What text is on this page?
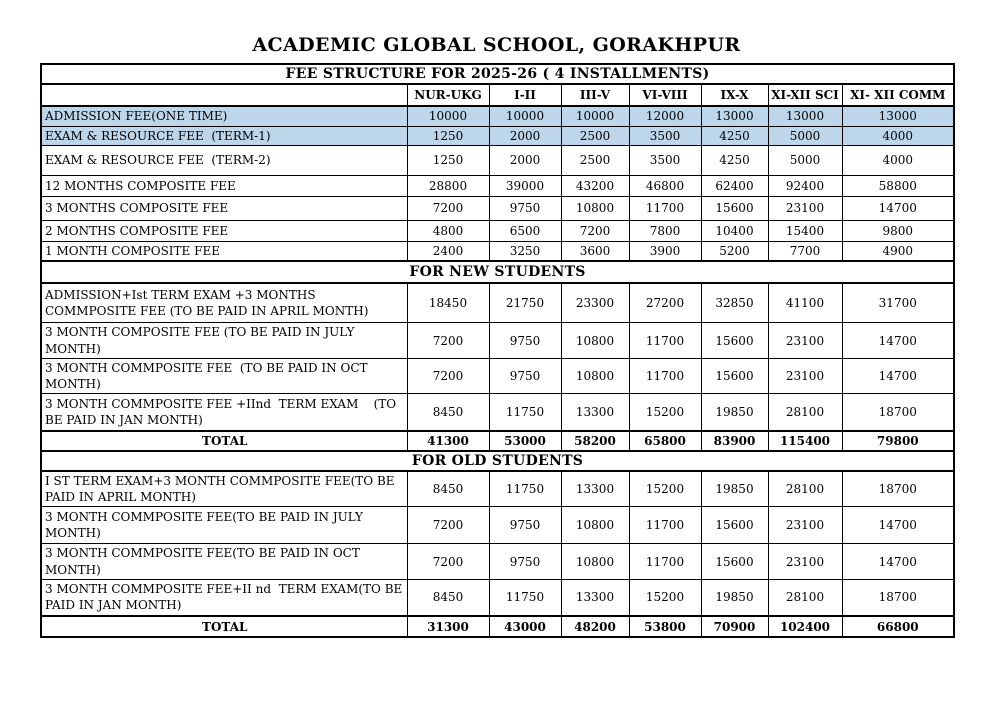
ACADEMIC GLOBAL SCHOOL, GORAKHPUR
FEE STRUCTURE FOR 2025-26 ( 4 INSTALLMENTS)							
	NUR-UKG	I-II	III-V	VI-VIII	IX-X	XI-XII SCI	XI- XII COMM
ADMISSION FEE(ONE TIME)	10000	10000	10000	12000	13000	13000	13000
EXAM & RESOURCE FEE  (TERM-1)	1250	2000	2500	3500	4250	5000	4000
EXAM & RESOURCE FEE  (TERM-2)	1250	2000	2500	3500	4250	5000	4000
12 MONTHS COMPOSITE FEE	28800	39000	43200	46800	62400	92400	58800
3 MONTHS COMPOSITE FEE	7200	9750	10800	11700	15600	23100	14700
2 MONTHS COMPOSITE FEE	4800	6500	7200	7800	10400	15400	9800
1 MONTH COMPOSITE FEE	2400	3250	3600	3900	5200	7700	4900
FOR NEW STUDENTS							
ADMISSION+Ist TERM EXAM +3 MONTHS COMMPOSITE FEE (TO BE PAID IN APRIL MONTH)	18450	21750	23300	27200	32850	41100	31700
3 MONTH COMPOSITE FEE (TO BE PAID IN JULY MONTH)	7200	9750	10800	11700	15600	23100	14700
3 MONTH COMMPOSITE FEE  (TO BE PAID IN OCT MONTH)	7200	9750	10800	11700	15600	23100	14700
3 MONTH COMMPOSITE FEE +IInd  TERM EXAM    (TO BE PAID IN JAN MONTH)	8450	11750	13300	15200	19850	28100	18700
TOTAL	41300	53000	58200	65800	83900	115400	79800
FOR OLD STUDENTS							
I ST TERM EXAM+3 MONTH COMMPOSITE FEE(TO BE PAID IN APRIL MONTH)	8450	11750	13300	15200	19850	28100	18700
3 MONTH COMMPOSITE FEE(TO BE PAID IN JULY MONTH)	7200	9750	10800	11700	15600	23100	14700
3 MONTH COMMPOSITE FEE(TO BE PAID IN OCT MONTH)	7200	9750	10800	11700	15600	23100	14700
3 MONTH COMMPOSITE FEE+II nd  TERM EXAM(TO BE PAID IN JAN MONTH)	8450	11750	13300	15200	19850	28100	18700
TOTAL	31300	43000	48200	53800	70900	102400	66800
